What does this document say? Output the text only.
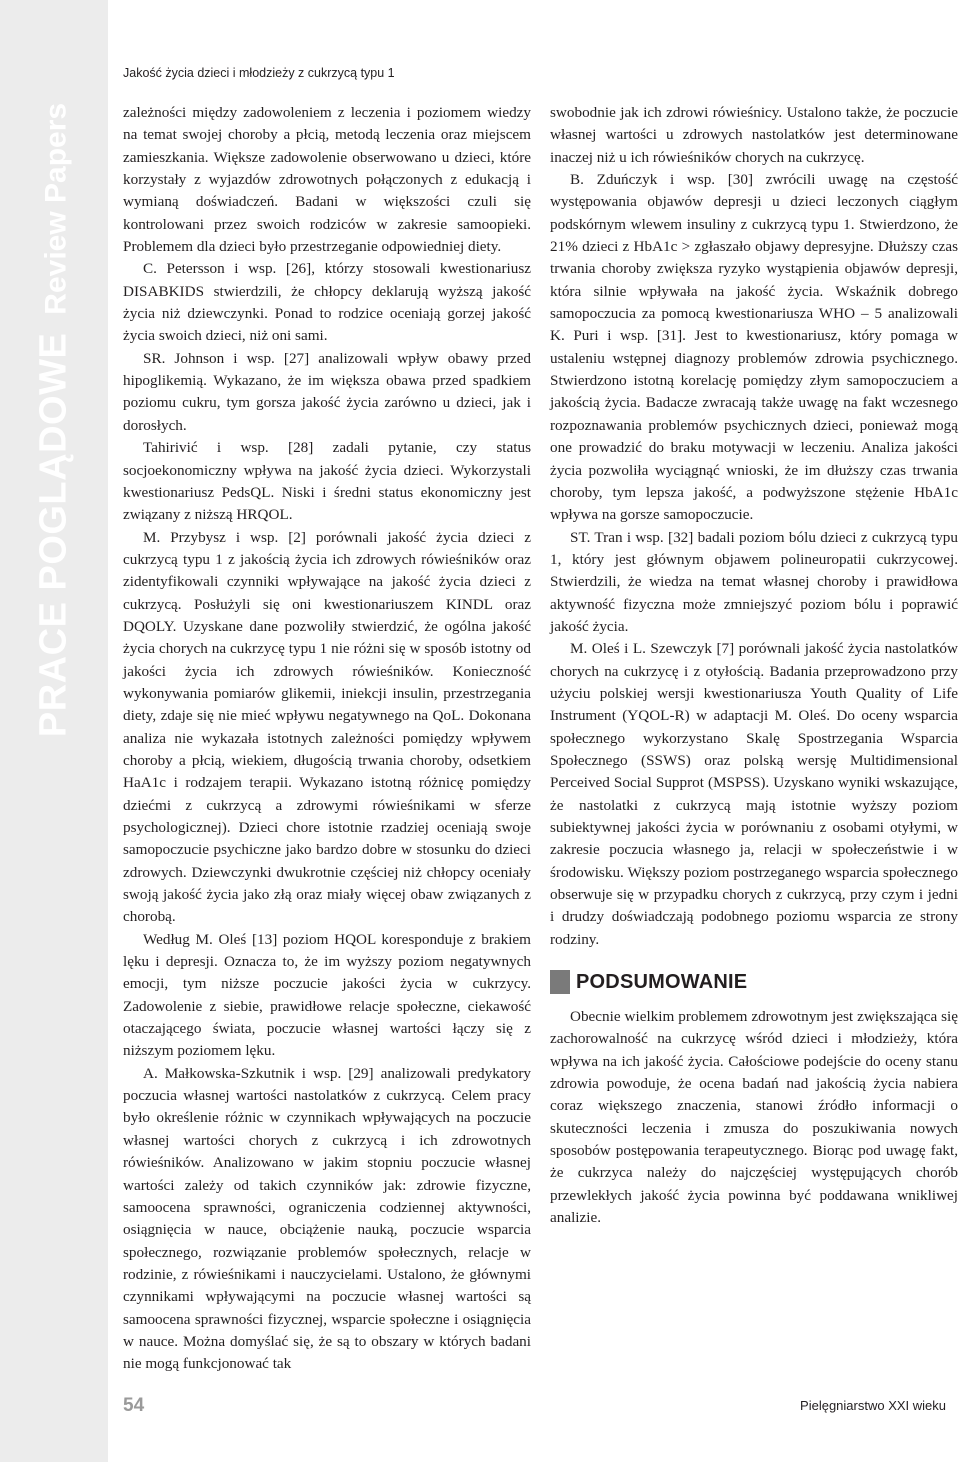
PRACE POGLĄDOWEReview Papers
Jakość życia dzieci i młodzieży z cukrzycą typu 1

zależności między zadowoleniem z leczenia i poziomem wiedzy na temat swojej choroby a płcią, metodą leczenia oraz miejscem zamieszkania. Większe zadowolenie obserwowano u dzieci, które korzystały z wyjazdów zdrowotnych połączonych z edukacją i wymianą doświadczeń. Badani w większości czuli się kontrolowani przez swoich rodziców w zakresie samoopieki. Problemem dla dzieci było przestrzeganie odpowiedniej diety.

C. Petersson i wsp. [26], którzy stosowali kwestionariusz DISABKIDS stwierdzili, że chłopcy deklarują wyższą jakość życia niż dziewczynki. Ponad to rodzice oceniają gorzej jakość życia swoich dzieci, niż oni sami.

SR. Johnson i wsp. [27] analizowali wpływ obawy przed hipoglikemią. Wykazano, że im większa obawa przed spadkiem poziomu cukru, tym gorsza jakość życia zarówno u dzieci, jak i dorosłych.

Tahirivić i wsp. [28] zadali pytanie, czy status socjoekonomiczny wpływa na jakość życia dzieci. Wykorzystali kwestionariusz PedsQL. Niski i średni status ekonomiczny jest związany z niższą HRQOL.

M. Przybysz i wsp. [2] porównali jakość życia dzieci z cukrzycą typu 1 z jakością życia ich zdrowych rówieśników oraz zidentyfikowali czynniki wpływające na jakość życia dzieci z cukrzycą. Posłużyli się oni kwestionariuszem KINDL oraz DQOLY. Uzyskane dane pozwoliły stwierdzić, że ogólna jakość życia chorych na cukrzycę typu 1 nie różni się w sposób istotny od jakości życia ich zdrowych rówieśników. Konieczność wykonywania pomiarów glikemii, iniekcji insulin, przestrzegania diety, zdaje się nie mieć wpływu negatywnego na QoL. Dokonana analiza nie wykazała istotnych zależności pomiędzy wpływem choroby a płcią, wiekiem, długością trwania choroby, odsetkiem HaA1c i rodzajem terapii. Wykazano istotną różnicę pomiędzy dziećmi z cukrzycą a zdrowymi rówieśnikami w sferze psychologicznej). Dzieci chore istotnie rzadziej oceniają swoje samopoczucie psychiczne jako bardzo dobre w stosunku do dzieci zdrowych. Dziewczynki dwukrotnie częściej niż chłopcy oceniały swoją jakość życia jako złą oraz miały więcej obaw związanych z chorobą.

Według M. Oleś [13] poziom HQOL koresponduje z brakiem lęku i depresji. Oznacza to, że im wyższy poziom negatywnych emocji, tym niższe poczucie jakości życia w cukrzycy. Zadowolenie z siebie, prawidłowe relacje społeczne, ciekawość otaczającego świata, poczucie własnej wartości łączy się z niższym poziomem lęku.

A. Małkowska-Szkutnik i wsp. [29] analizowali predykatory poczucia własnej wartości nastolatków z cukrzycą. Celem pracy było określenie różnic w czynnikach wpływających na poczucie własnej wartości chorych z cukrzycą i ich zdrowotnych rówieśników. Analizowano w jakim stopniu poczucie własnej wartości zależy od takich czynników jak: zdrowie fizyczne, samoocena sprawności, ograniczenia codziennej aktywności, osiągnięcia w nauce, obciążenie nauką, poczucie wsparcia społecznego, rozwiązanie problemów społecznych, relacje w rodzinie, z rówieśnikami i nauczycielami. Ustalono, że głównymi czynnikami wpływającymi na poczucie własnej wartości są samoocena sprawności fizycznej, wsparcie społeczne i osiągnięcia w nauce. Można domyślać się, że są to obszary w których badani nie mogą funkcjonować tak

swobodnie jak ich zdrowi rówieśnicy. Ustalono także, że poczucie własnej wartości u zdrowych nastolatków jest determinowane inaczej niż u ich rówieśników chorych na cukrzycę.

B. Zduńczyk i wsp. [30] zwrócili uwagę na częstość występowania objawów depresji u dzieci leczonych ciągłym podskórnym wlewem insuliny z cukrzycą typu 1. Stwierdzono, że 21% dzieci z HbA1c > zgłaszało objawy depresyjne. Dłuższy czas trwania choroby zwiększa ryzyko wystąpienia objawów depresji, która silnie wpływała na jakość życia. Wskaźnik dobrego samopoczucia za pomocą kwestionariusza WHO – 5 analizowali K. Puri i wsp. [31]. Jest to kwestionariusz, który pomaga w ustaleniu wstępnej diagnozy problemów zdrowia psychicznego. Stwierdzono istotną korelację pomiędzy złym samopoczuciem a jakością życia. Badacze zwracają także uwagę na fakt wczesnego rozpoznawania problemów psychicznych dzieci, ponieważ mogą one prowadzić do braku motywacji w leczeniu. Analiza jakości życia pozwoliła wyciągnąć wnioski, że im dłuższy czas trwania choroby, tym lepsza jakość, a podwyższone stężenie HbA1c wpływa na gorsze samopoczucie.

ST. Tran i wsp. [32] badali poziom bólu dzieci z cukrzycą typu 1, który jest głównym objawem polineuropatii cukrzycowej. Stwierdzili, że wiedza na temat własnej choroby i prawidłowa aktywność fizyczna może zmniejszyć poziom bólu i poprawić jakość życia.

M. Oleś i L. Szewczyk [7] porównali jakość życia nastolatków chorych na cukrzycę i z otyłością. Badania przeprowadzono przy użyciu polskiej wersji kwestionariusza Youth Quality of Life Instrument (YQOL-R) w adaptacji M. Oleś. Do oceny wsparcia społecznego wykorzystano Skalę Spostrzegania Wsparcia Społecznego (SSWS) oraz polską wersję Multidimensional Perceived Social Supprot (MSPSS). Uzyskano wyniki wskazujące, że nastolatki z cukrzycą mają istotnie wyższy poziom subiektywnej jakości życia w porównaniu z osobami otyłymi, w zakresie poczucia własnego ja, relacji w społeczeństwie i w środowisku. Większy poziom postrzeganego wsparcia społecznego obserwuje się w przypadku chorych z cukrzycą, przy czym i jedni i drudzy doświadczają podobnego poziomu wsparcia ze strony rodziny.

PODSUMOWANIE

Obecnie wielkim problemem zdrowotnym jest zwiększająca się zachorowalność na cukrzycę wśród dzieci i młodzieży, która wpływa na ich jakość życia. Całościowe podejście do oceny stanu zdrowia powoduje, że ocena badań nad jakością życia nabiera coraz większego znaczenia, stanowi źródło informacji o skuteczności leczenia i zmusza do poszukiwania nowych sposobów postępowania terapeutycznego. Biorąc pod uwagę fakt, że cukrzyca należy do najczęściej występujących chorób przewlekłych jakość życia powinna być poddawana wnikliwej analizie.

54	Pielęgniarstwo XXI wieku
